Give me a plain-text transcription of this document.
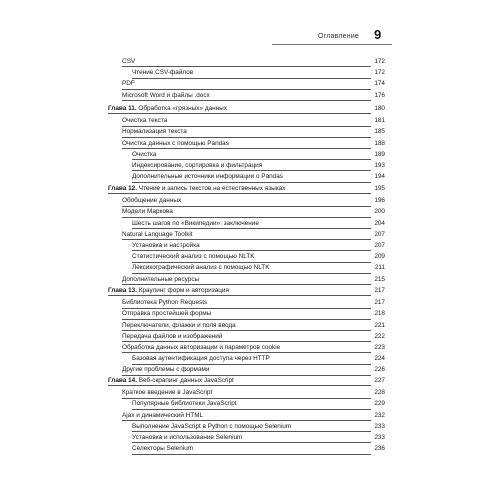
Оглавление 9
CSV	172
Чтение CSV-файлов	172
PDF	174
Microsoft Word и файлы .docx	176
Глава 11. Обработка «грязных» данных	180
Очистка текста	181
Нормализация текста	185
Очистка данных с помощью Pandas	188
Очистка	189
Индексирование, сортировка и фильтрация	193
Дополнительные источники информации о Pandas	194
Глава 12. Чтение и запись текстов на естественных языках	195
Обобщение данных	196
Модели Маркова	200
Шесть шагов по «Википедии»: заключение	204
Natural Language Toolkit	207
Установка и настройка	207
Статистический анализ с помощью NLTK	209
Лексикографический анализ с помощью NLTK	211
Дополнительные ресурсы	215
Глава 13. Краулинг форм и авторизация	217
Библиотека Python Requests	217
Отправка простейшей формы	218
Переключатели, флажки и поля ввода	221
Передача файлов и изображений	222
Обработка данных авторизации и параметров cookie	223
Базовая аутентификация доступа через HTTP	224
Другие проблемы с формами	226
Глава 14. Веб-скрапинг данных JavaScript	227
Краткое введение в JavaScript	228
Популярные библиотеки JavaScript	229
Ajax и динамический HTML	232
Выполнение JavaScript в Python с помощью Selenium	233
Установка и использование Selenium	233
Селекторы Selenium	236
